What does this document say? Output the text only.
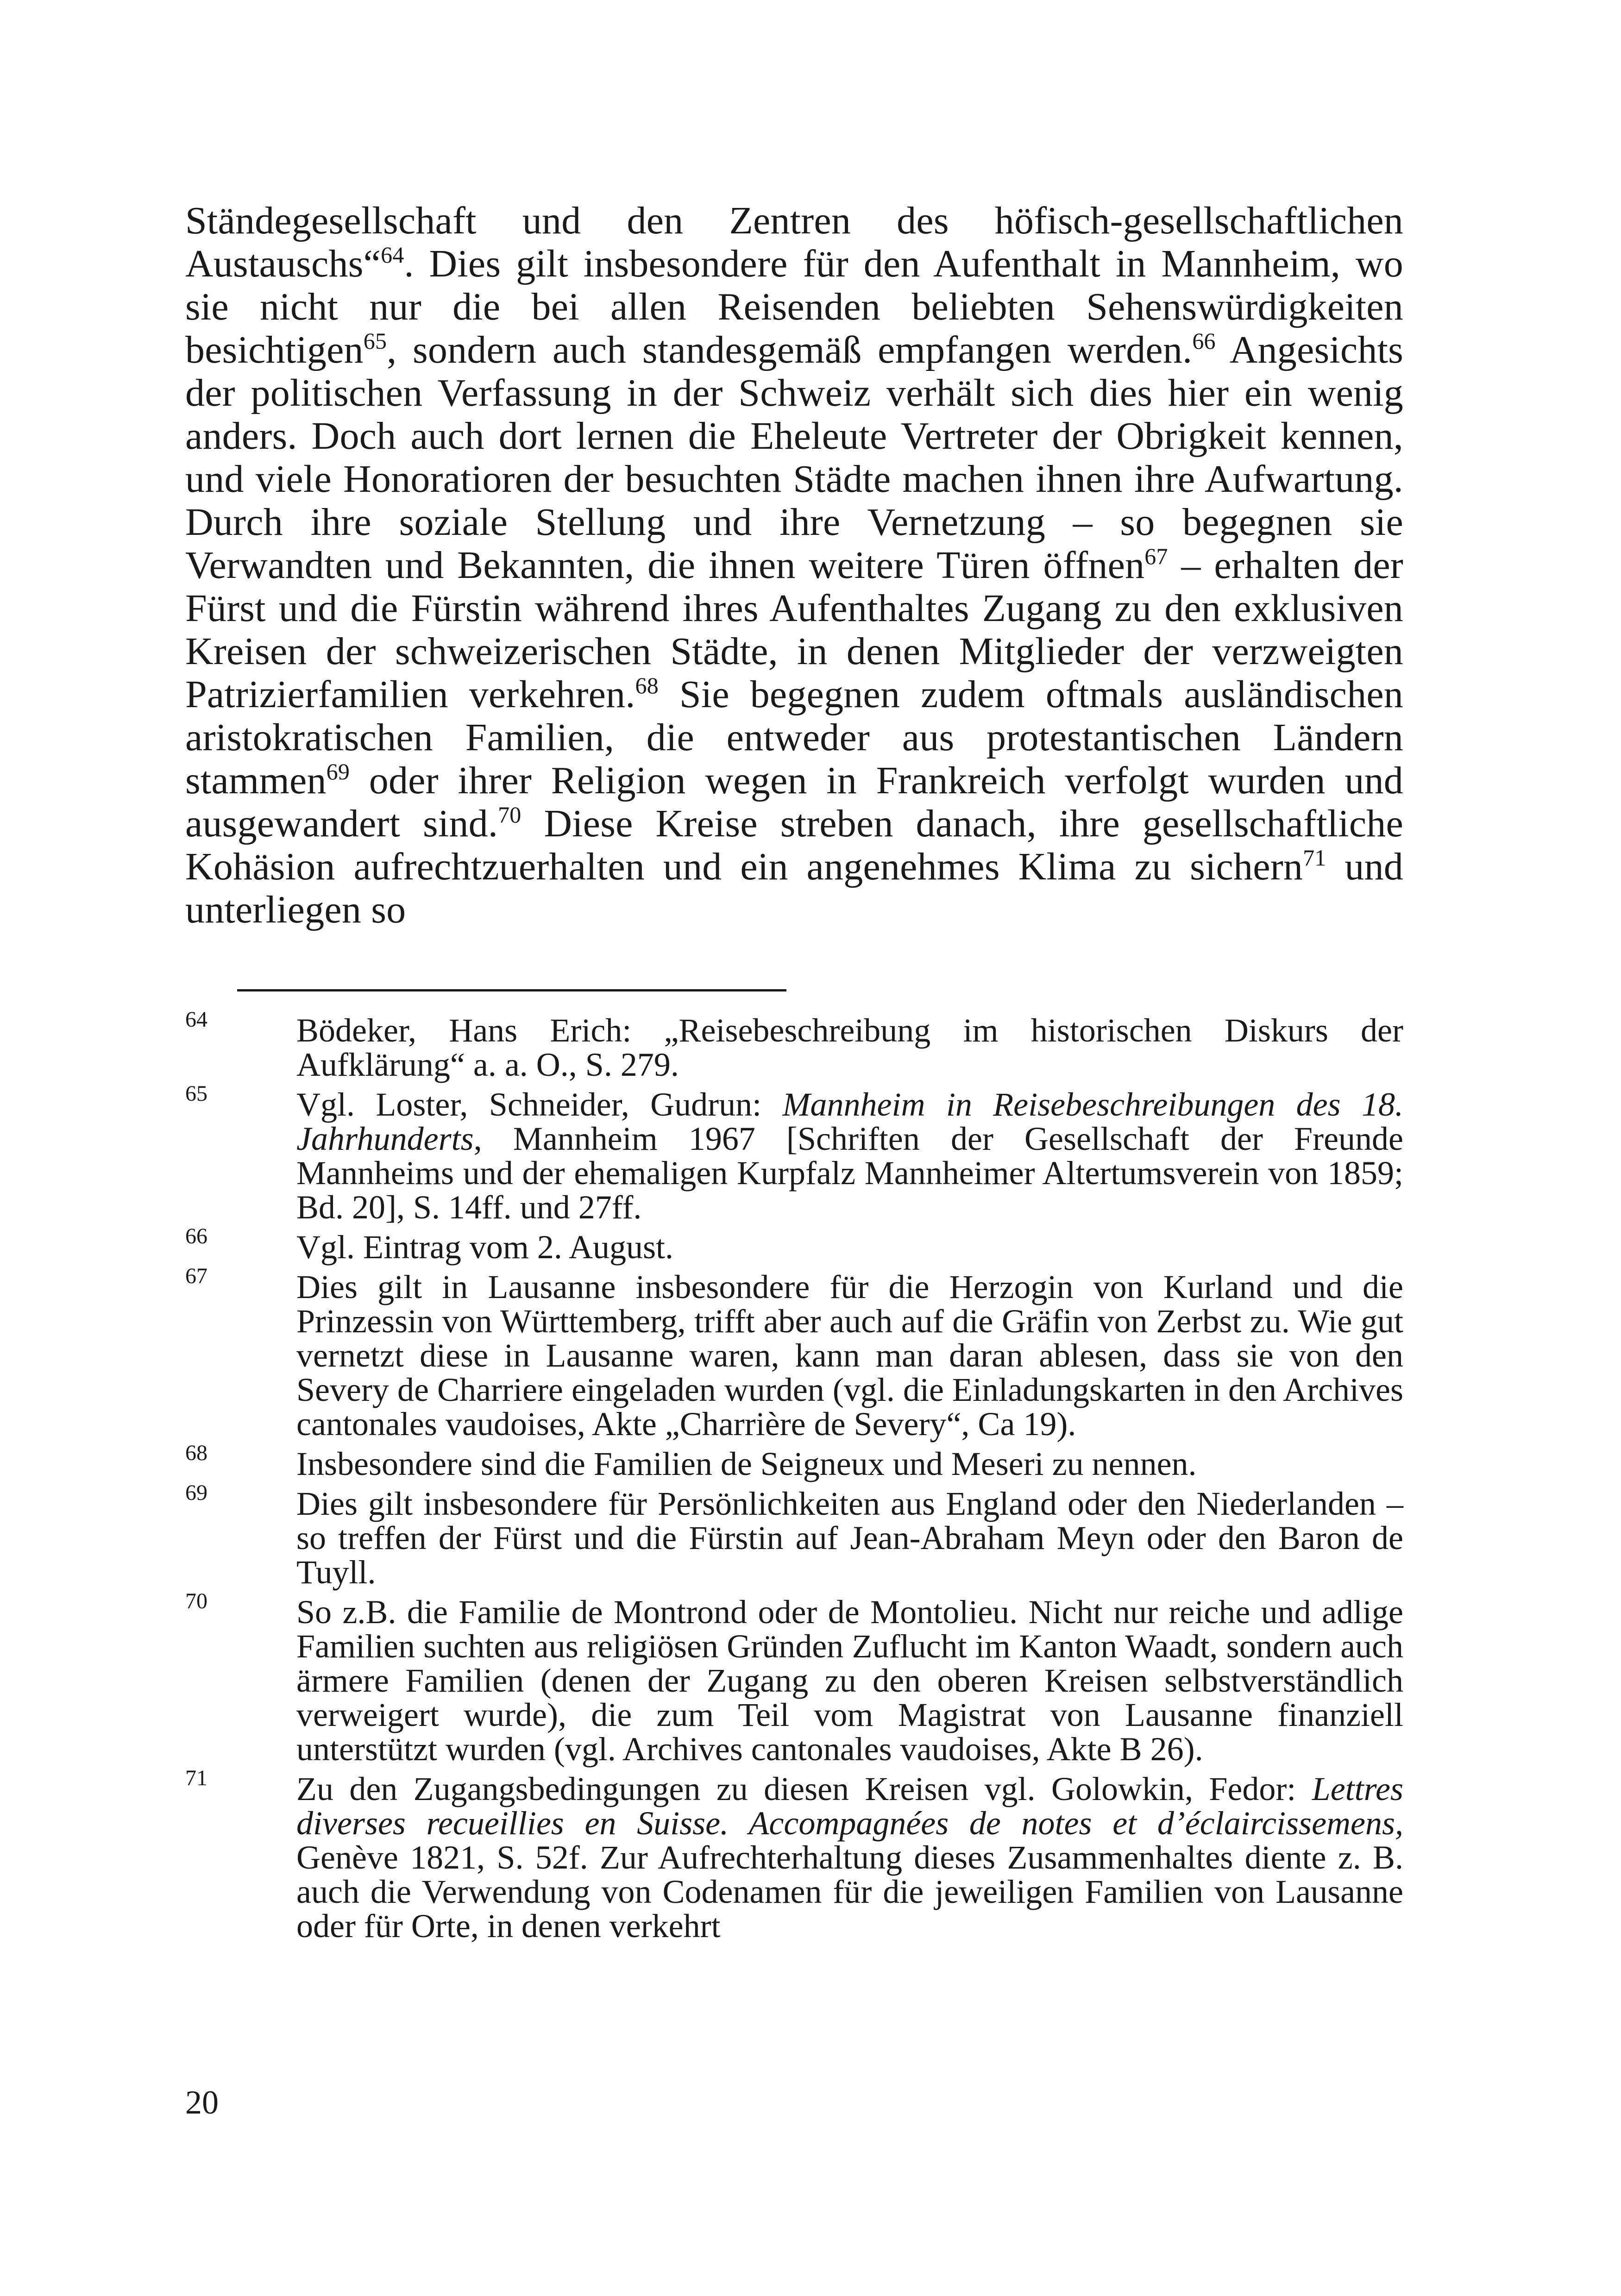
Ständegesellschaft und den Zentren des höfisch-gesellschaftlichen Austauschs“$^{64}$. Dies gilt insbesondere für den Aufenthalt in Mannheim, wo sie nicht nur die bei allen Reisenden beliebten Sehenswürdigkeiten besichtigen$^{65}$, sondern auch standesgemäß empfangen werden.$^{66}$ Angesichts der politischen Verfassung in der Schweiz verhält sich dies hier ein wenig anders. Doch auch dort lernen die Eheleute Vertreter der Obrigkeit kennen, und viele Honoratioren der besuchten Städte machen ihnen ihre Aufwartung. Durch ihre soziale Stellung und ihre Vernetzung – so begegnen sie Verwandten und Bekannten, die ihnen weitere Türen öffnen$^{67}$ – erhalten der Fürst und die Fürstin während ihres Aufenthaltes Zugang zu den exklusiven Kreisen der schweizerischen Städte, in denen Mitglieder der verzweigten Patrizierfamilien verkehren.$^{68}$ Sie begegnen zudem oftmals ausländischen aristokratischen Familien, die entweder aus protestantischen Ländern stammen$^{69}$ oder ihrer Religion wegen in Frankreich verfolgt wurden und ausgewandert sind.$^{70}$ Diese Kreise streben danach, ihre gesellschaftliche Kohäsion aufrechtzuerhalten und ein angenehmes Klima zu sichern$^{71}$ und unterliegen so

64	Bödeker, Hans Erich: „Reisebeschreibung im historischen Diskurs der Aufklärung“ a. a. O., S. 279.
65	Vgl. Loster, Schneider, Gudrun: Mannheim in Reisebeschreibungen des 18. Jahrhunderts, Mannheim 1967 [Schriften der Gesellschaft der Freunde Mannheims und der ehemaligen Kurpfalz Mannheimer Altertumsverein von 1859; Bd. 20], S. 14ff. und 27ff.
66	Vgl. Eintrag vom 2. August.
67	Dies gilt in Lausanne insbesondere für die Herzogin von Kurland und die Prinzessin von Württemberg, trifft aber auch auf die Gräfin von Zerbst zu. Wie gut vernetzt diese in Lausanne waren, kann man daran ablesen, dass sie von den Severy de Charriere eingeladen wurden (vgl. die Einladungskarten in den Archives cantonales vaudoises, Akte „Charrière de Severy“, Ca 19).
68	Insbesondere sind die Familien de Seigneux und Meseri zu nennen.
69	Dies gilt insbesondere für Persönlichkeiten aus England oder den Niederlanden – so treffen der Fürst und die Fürstin auf Jean-Abraham Meyn oder den Baron de Tuyll.
70	So z.B. die Familie de Montrond oder de Montolieu. Nicht nur reiche und adlige Familien suchten aus religiösen Gründen Zuflucht im Kanton Waadt, sondern auch ärmere Familien (denen der Zugang zu den oberen Kreisen selbstverständlich verweigert wurde), die zum Teil vom Magistrat von Lausanne finanziell unterstützt wurden (vgl. Archives cantonales vaudoises, Akte B 26).
71	Zu den Zugangsbedingungen zu diesen Kreisen vgl. Golowkin, Fedor: Lettres diverses recueillies en Suisse. Accompagnées de notes et d’éclaircissemens, Genève 1821, S. 52f. Zur Aufrechterhaltung dieses Zusammenhaltes diente z. B. auch die Verwendung von Codenamen für die jeweiligen Familien von Lausanne oder für Orte, in denen verkehrt
20
